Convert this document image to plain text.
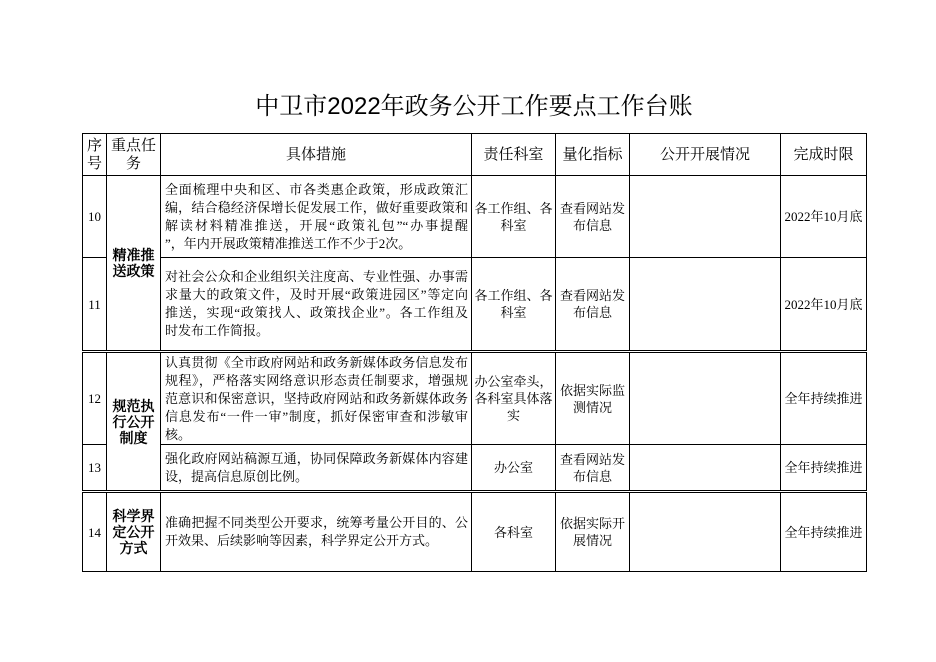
中卫市2022年政务公开工作要点工作台账
序号	重点任务	具体措施	责任科室	量化指标	公开开展情况	完成时限
10	精准推
送政策	全面梳理中央和区、市各类惠企政策，形成政策汇
编，结合稳经济保增长促发展工作，做好重要政策和
解读材料精准推送，开展“政策礼包”“办事提醒
”，年内开展政策精准推送工作不少于2次。	各工作组、各
科室	查看网站发
布信息		2022年10月底
11		对社会公众和企业组织关注度高、专业性强、办事需
求量大的政策文件，及时开展“政策进园区”等定向
推送，实现“政策找人、政策找企业”。各工作组及
时发布工作简报。	各工作组、各
科室	查看网站发
布信息		2022年10月底
12	规范执
行公开
制度	认真贯彻《全市政府网站和政务新媒体政务信息发布
规程》，严格落实网络意识形态责任制要求，增强规
范意识和保密意识，坚持政府网站和政务新媒体政务
信息发布“一件一审”制度，抓好保密审查和涉敏审
核。	办公室牵头，
各科室具体落
实	依据实际监
测情况		全年持续推进
13		强化政府网站稿源互通，协同保障政务新媒体内容建
设，提高信息原创比例。	办公室	查看网站发
布信息		全年持续推进
14	科学界
定公开
方式	准确把握不同类型公开要求，统筹考量公开目的、公
开效果、后续影响等因素，科学界定公开方式。	各科室	依据实际开
展情况		全年持续推进
